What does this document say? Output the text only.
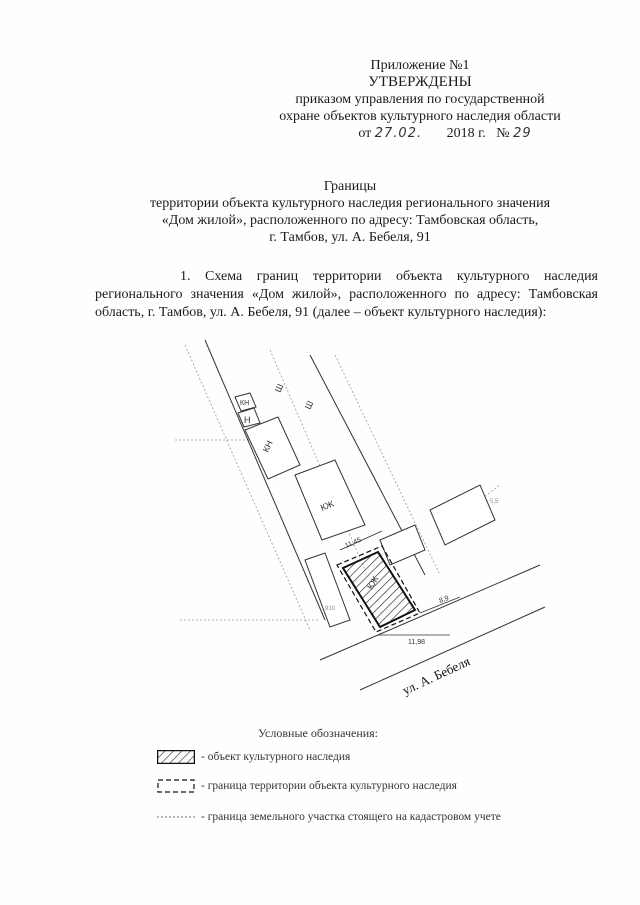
Приложение №1
УТВЕРЖДЕНЫ
приказом управления по государственной
охране объектов культурного наследия области
от 27.02. 2018 г. № 29
Границы
территории объекта культурного наследия регионального значения
«Дом жилой», расположенного по адресу: Тамбовская область,
г. Тамбов, ул. А. Бебеля, 91
1. Схема границ территории объекта культурного наследия регионального значения «Дом жилой», расположенного по адресу: Тамбовская область, г. Тамбов, ул. А. Бебеля, 91 (далее – объект культурного наследия):
КН
Н
КН
КЖ
КЖ
Ш
Ш
11,45
11,98
8,9
5,5
910
ул. А. Бебеля
Условные обозначения:
- объект культурного наследия
- граница территории объекта культурного наследия
- граница земельного участка стоящего на кадастровом учете
